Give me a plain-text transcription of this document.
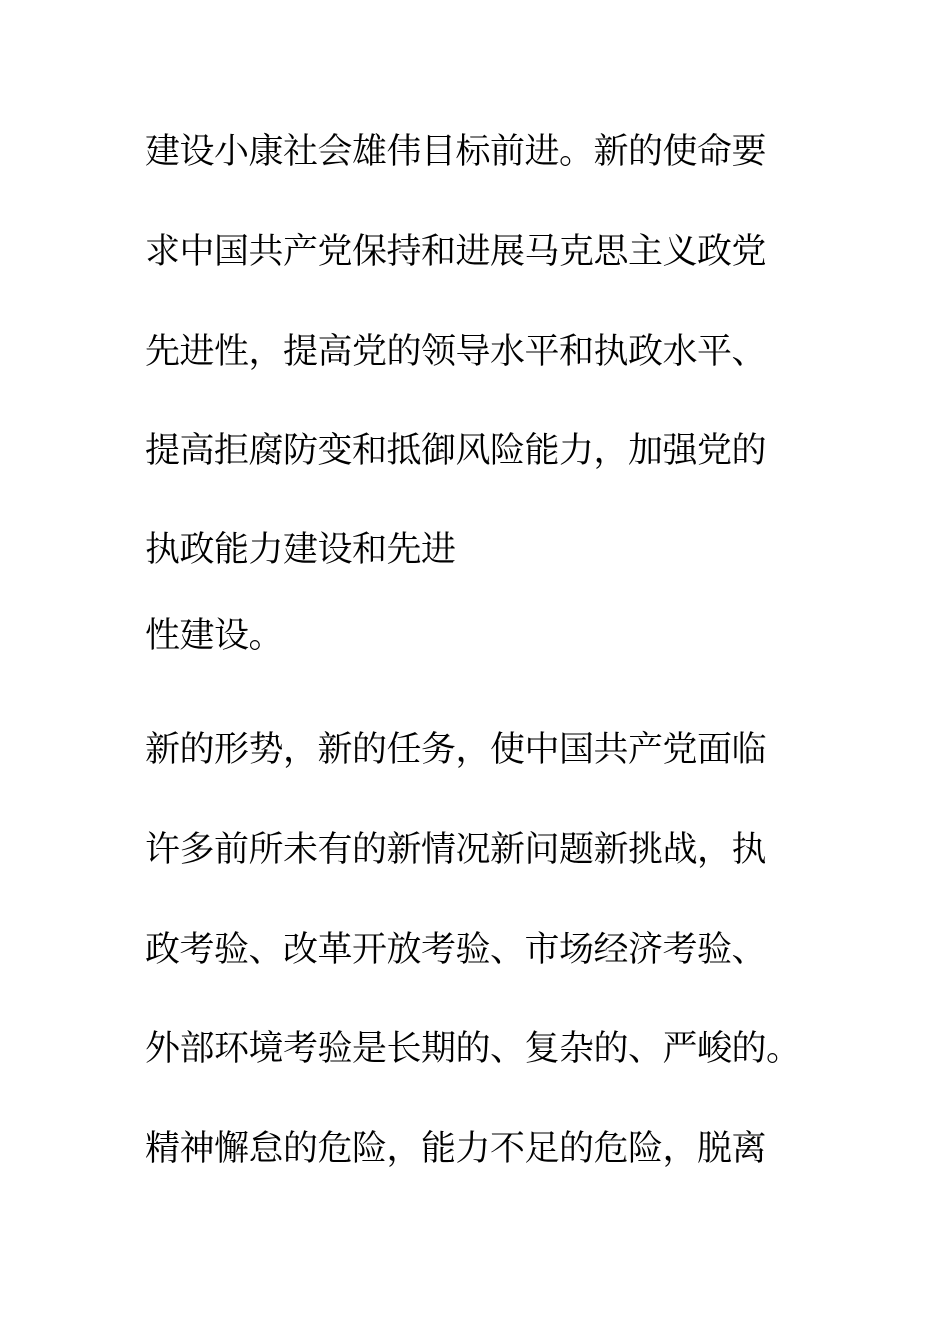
建设小康社会雄伟目标前进。新的使命要

求中国共产党保持和进展马克思主义政党

先进性，提高党的领导水平和执政水平、

提高拒腐防变和抵御风险能力，加强党的

执政能力建设和先进

性建设。

新的形势，新的任务，使中国共产党面临

许多前所未有的新情况新问题新挑战，执

政考验、改革开放考验、市场经济考验、

外部环境考验是长期的、复杂的、严峻的。

精神懈怠的危险，能力不足的危险，脱离
